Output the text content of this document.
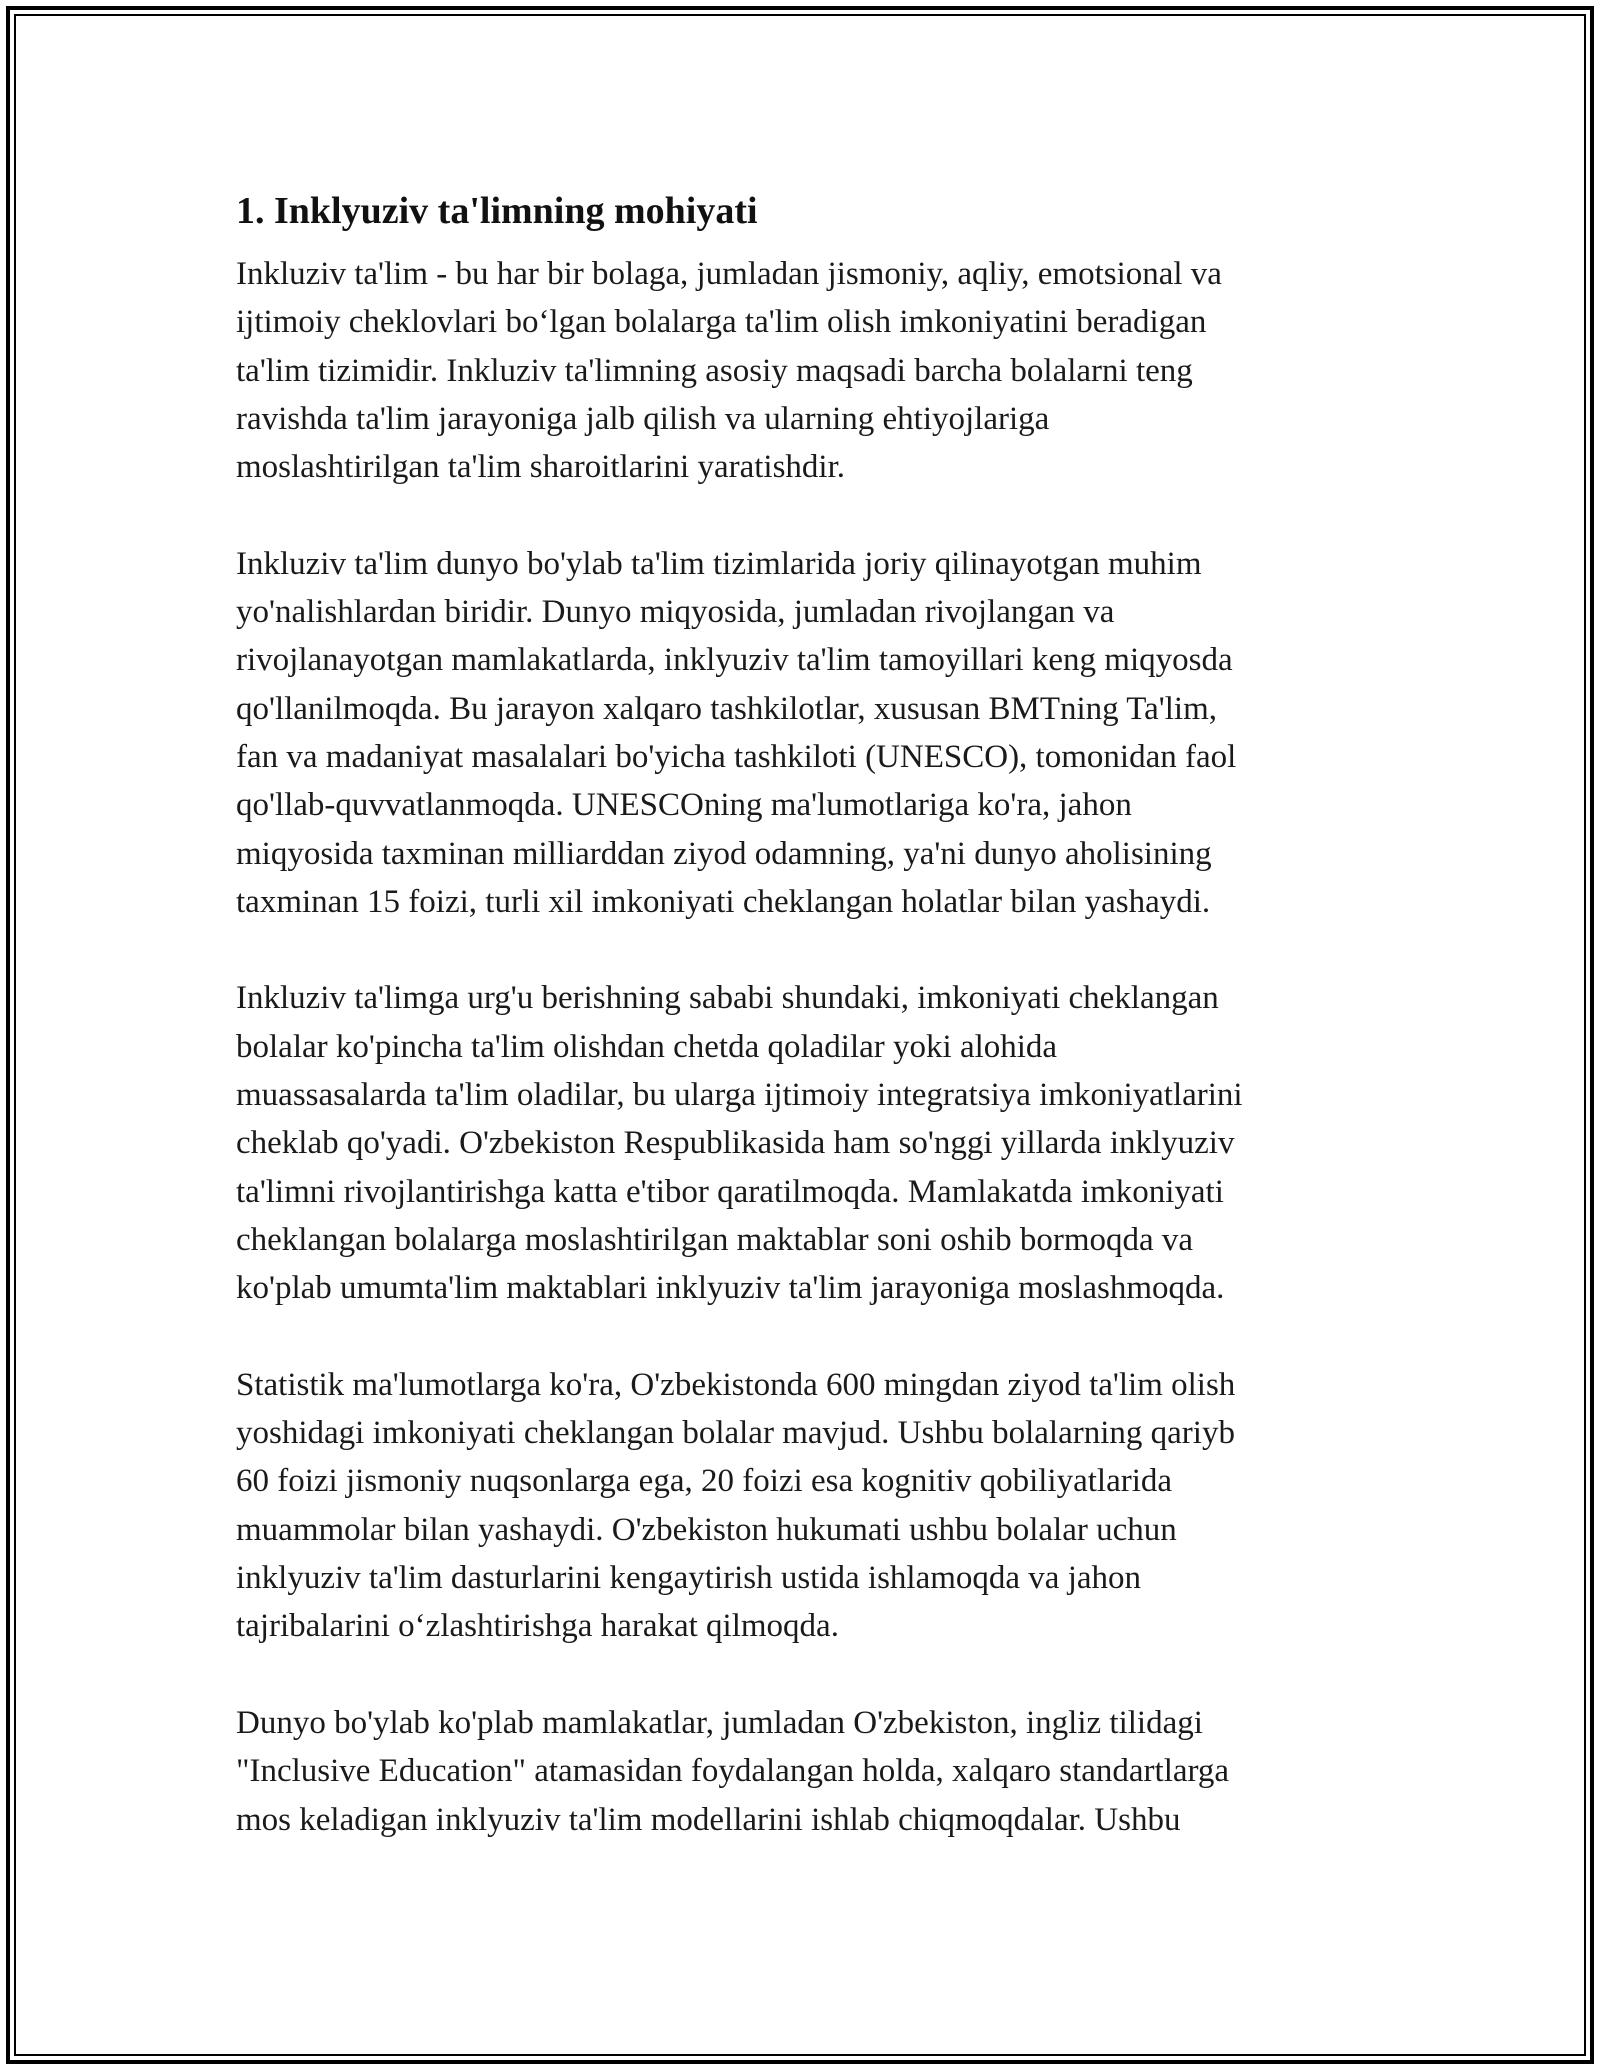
1. Inklyuziv ta'limning mohiyati
Inkluziv ta'lim - bu har bir bolaga, jumladan jismoniy, aqliy, emotsional va
ijtimoiy cheklovlari bo‘lgan bolalarga ta'lim olish imkoniyatini beradigan
ta'lim tizimidir. Inkluziv ta'limning asosiy maqsadi barcha bolalarni teng
ravishda ta'lim jarayoniga jalb qilish va ularning ehtiyojlariga
moslashtirilgan ta'lim sharoitlarini yaratishdir.
Inkluziv ta'lim dunyo bo'ylab ta'lim tizimlarida joriy qilinayotgan muhim
yo'nalishlardan biridir. Dunyo miqyosida, jumladan rivojlangan va
rivojlanayotgan mamlakatlarda, inklyuziv ta'lim tamoyillari keng miqyosda
qo'llanilmoqda. Bu jarayon xalqaro tashkilotlar, xususan BMTning Ta'lim,
fan va madaniyat masalalari bo'yicha tashkiloti (UNESCO), tomonidan faol
qo'llab-quvvatlanmoqda. UNESCOning ma'lumotlariga ko'ra, jahon
miqyosida taxminan milliarddan ziyod odamning, ya'ni dunyo aholisining
taxminan 15 foizi, turli xil imkoniyati cheklangan holatlar bilan yashaydi.
Inkluziv ta'limga urg'u berishning sababi shundaki, imkoniyati cheklangan
bolalar ko'pincha ta'lim olishdan chetda qoladilar yoki alohida
muassasalarda ta'lim oladilar, bu ularga ijtimoiy integratsiya imkoniyatlarini
cheklab qo'yadi. O'zbekiston Respublikasida ham so'nggi yillarda inklyuziv
ta'limni rivojlantirishga katta e'tibor qaratilmoqda. Mamlakatda imkoniyati
cheklangan bolalarga moslashtirilgan maktablar soni oshib bormoqda va
ko'plab umumta'lim maktablari inklyuziv ta'lim jarayoniga moslashmoqda.
Statistik ma'lumotlarga ko'ra, O'zbekistonda 600 mingdan ziyod ta'lim olish
yoshidagi imkoniyati cheklangan bolalar mavjud. Ushbu bolalarning qariyb
60 foizi jismoniy nuqsonlarga ega, 20 foizi esa kognitiv qobiliyatlarida
muammolar bilan yashaydi. O'zbekiston hukumati ushbu bolalar uchun
inklyuziv ta'lim dasturlarini kengaytirish ustida ishlamoqda va jahon
tajribalarini o‘zlashtirishga harakat qilmoqda.
Dunyo bo'ylab ko'plab mamlakatlar, jumladan O'zbekiston, ingliz tilidagi
"Inclusive Education" atamasidan foydalangan holda, xalqaro standartlarga
mos keladigan inklyuziv ta'lim modellarini ishlab chiqmoqdalar. Ushbu
